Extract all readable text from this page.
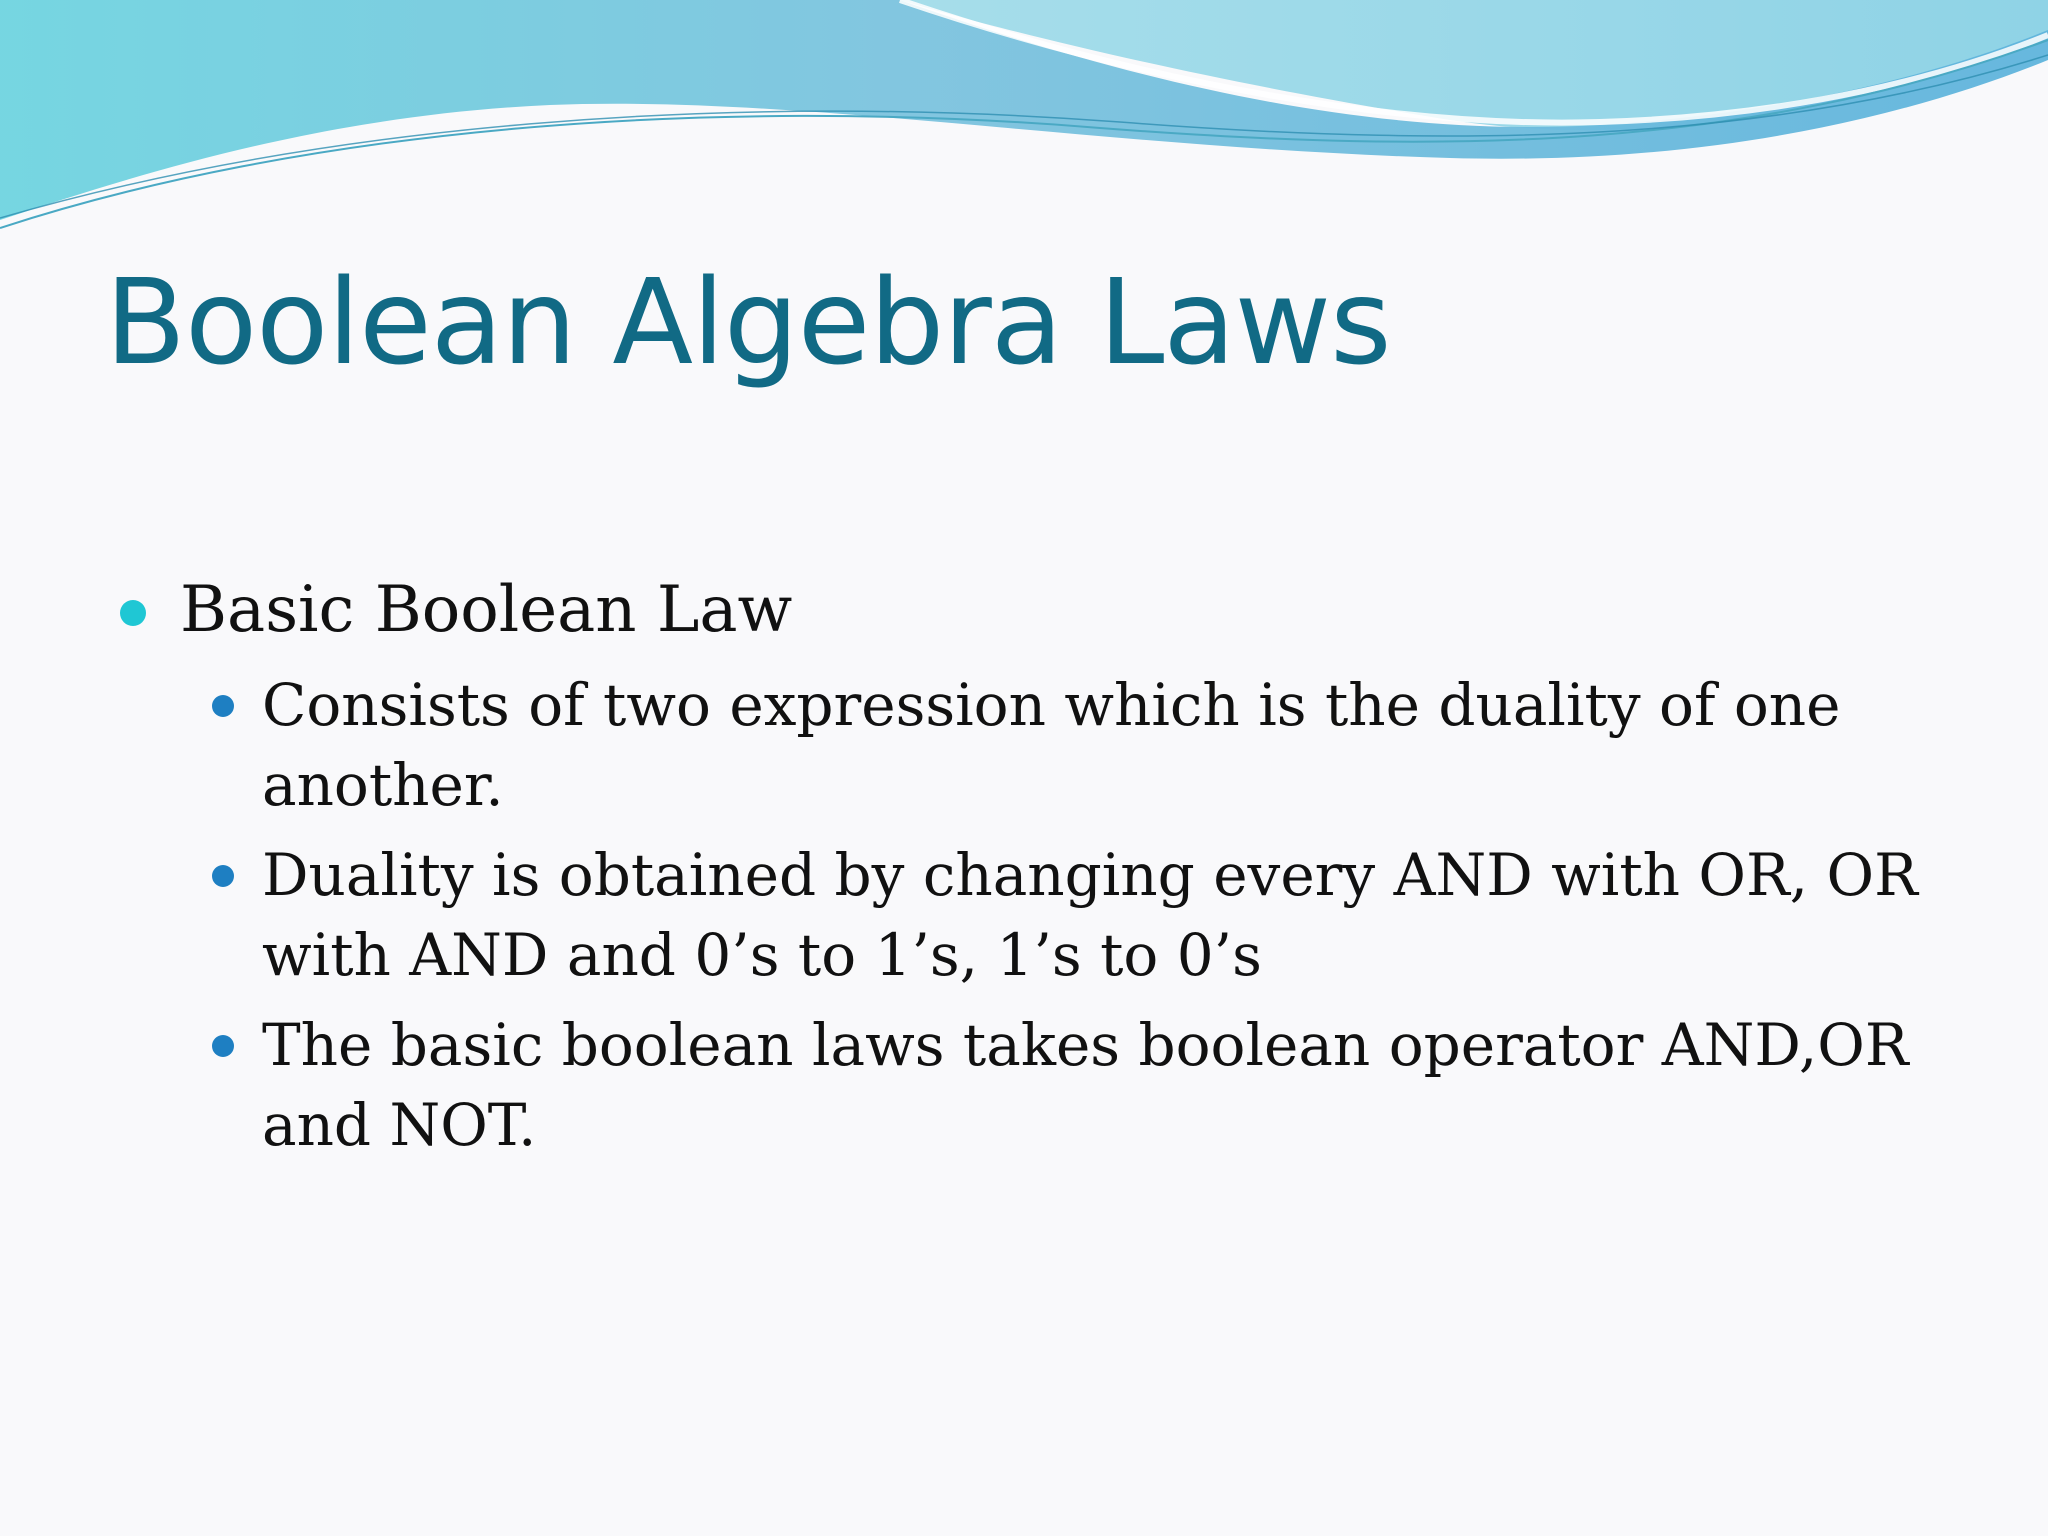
Boolean Algebra Laws
Basic Boolean Law
Consists of two expression which is the duality of one another.
Duality is obtained by changing every AND with OR, OR with AND and 0’s to 1’s, 1’s to 0’s
The basic boolean laws takes boolean operator AND,OR and NOT.
